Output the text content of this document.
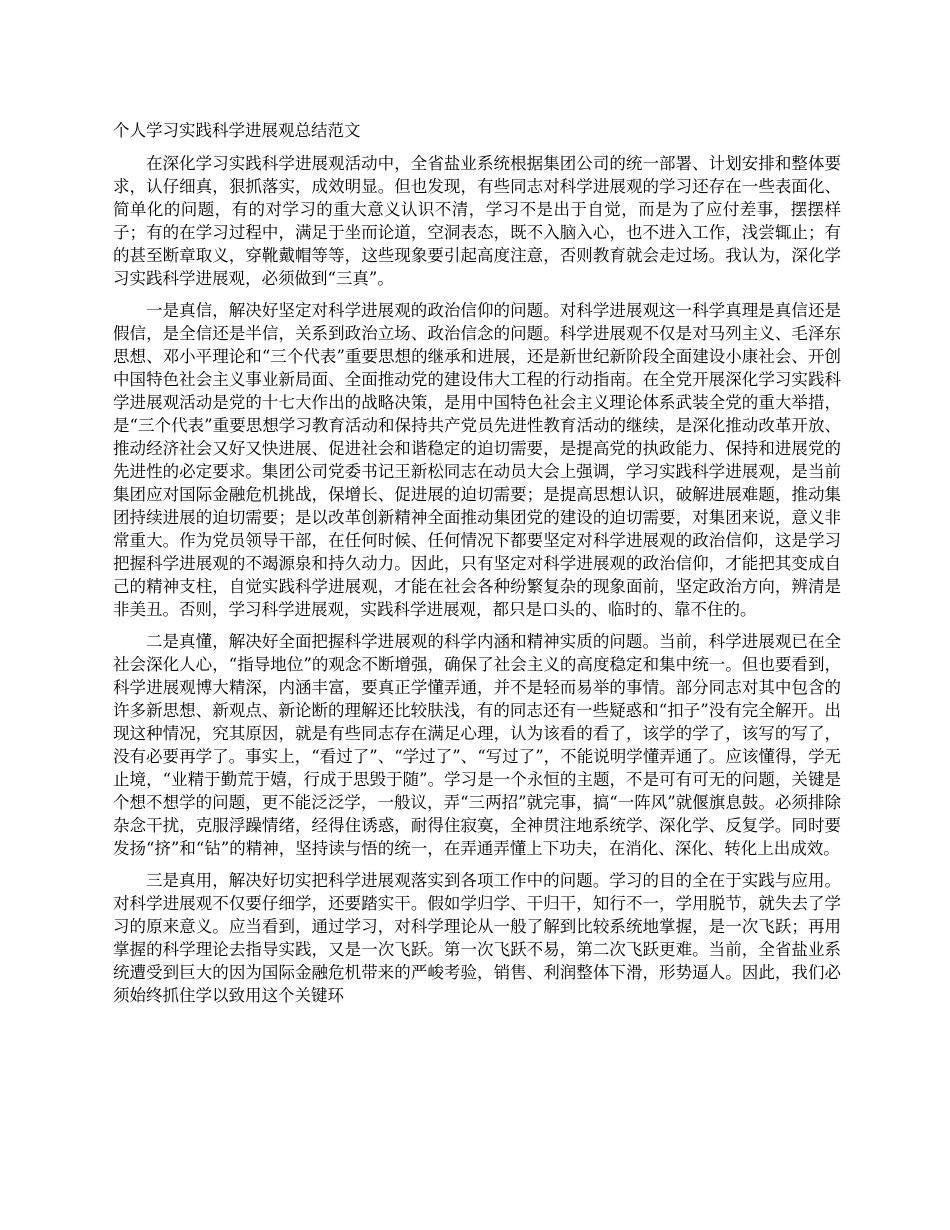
个人学习实践科学进展观总结范文

在深化学习实践科学进展观活动中，全省盐业系统根据集团公司的统一部署、计划安排和整体要求，认仔细真，狠抓落实，成效明显。但也发现，有些同志对科学进展观的学习还存在一些表面化、简单化的问题，有的对学习的重大意义认识不清，学习不是出于自觉，而是为了应付差事，摆摆样子；有的在学习过程中，满足于坐而论道，空洞表态，既不入脑入心，也不进入工作，浅尝辄止；有的甚至断章取义，穿靴戴帽等等，这些现象要引起高度注意，否则教育就会走过场。我认为，深化学习实践科学进展观，必须做到“三真”。

一是真信，解决好坚定对科学进展观的政治信仰的问题。对科学进展观这一科学真理是真信还是假信，是全信还是半信，关系到政治立场、政治信念的问题。科学进展观不仅是对马列主义、毛泽东思想、邓小平理论和“三个代表”重要思想的继承和进展，还是新世纪新阶段全面建设小康社会、开创中国特色社会主义事业新局面、全面推动党的建设伟大工程的行动指南。在全党开展深化学习实践科学进展观活动是党的十七大作出的战略决策，是用中国特色社会主义理论体系武装全党的重大举措，是“三个代表”重要思想学习教育活动和保持共产党员先进性教育活动的继续，是深化推动改革开放、推动经济社会又好又快进展、促进社会和谐稳定的迫切需要，是提高党的执政能力、保持和进展党的先进性的必定要求。集团公司党委书记王新松同志在动员大会上强调，学习实践科学进展观，是当前集团应对国际金融危机挑战，保增长、促进展的迫切需要；是提高思想认识，破解进展难题，推动集团持续进展的迫切需要；是以改革创新精神全面推动集团党的建设的迫切需要，对集团来说，意义非常重大。作为党员领导干部，在任何时候、任何情况下都要坚定对科学进展观的政治信仰，这是学习把握科学进展观的不竭源泉和持久动力。因此，只有坚定对科学进展观的政治信仰，才能把其变成自己的精神支柱，自觉实践科学进展观，才能在社会各种纷繁复杂的现象面前，坚定政治方向，辨清是非美丑。否则，学习科学进展观，实践科学进展观，都只是口头的、临时的、靠不住的。

二是真懂，解决好全面把握科学进展观的科学内涵和精神实质的问题。当前，科学进展观已在全社会深化人心，“指导地位”的观念不断增强，确保了社会主义的高度稳定和集中统一。但也要看到，科学进展观博大精深，内涵丰富，要真正学懂弄通，并不是轻而易举的事情。部分同志对其中包含的许多新思想、新观点、新论断的理解还比较肤浅，有的同志还有一些疑惑和“扣子”没有完全解开。出现这种情况，究其原因，就是有些同志存在满足心理，认为该看的看了，该学的学了，该写的写了，没有必要再学了。事实上，“看过了”、“学过了”、“写过了”，不能说明学懂弄通了。应该懂得，学无止境，“业精于勤荒于嬉，行成于思毁于随”。学习是一个永恒的主题，不是可有可无的问题，关键是个想不想学的问题，更不能泛泛学，一般议，弄“三两招”就完事，搞“一阵风”就偃旗息鼓。必须排除杂念干扰，克服浮躁情绪，经得住诱惑，耐得住寂寞，全神贯注地系统学、深化学、反复学。同时要发扬“挤”和“钻”的精神，坚持读与悟的统一，在弄通弄懂上下功夫，在消化、深化、转化上出成效。

三是真用，解决好切实把科学进展观落实到各项工作中的问题。学习的目的全在于实践与应用。对科学进展观不仅要仔细学，还要踏实干。假如学归学、干归干，知行不一，学用脱节，就失去了学习的原来意义。应当看到，通过学习，对科学理论从一般了解到比较系统地掌握，是一次飞跃；再用掌握的科学理论去指导实践，又是一次飞跃。第一次飞跃不易，第二次飞跃更难。当前，全省盐业系统遭受到巨大的因为国际金融危机带来的严峻考验，销售、利润整体下滑，形势逼人。因此，我们必须始终抓住学以致用这个关键环
